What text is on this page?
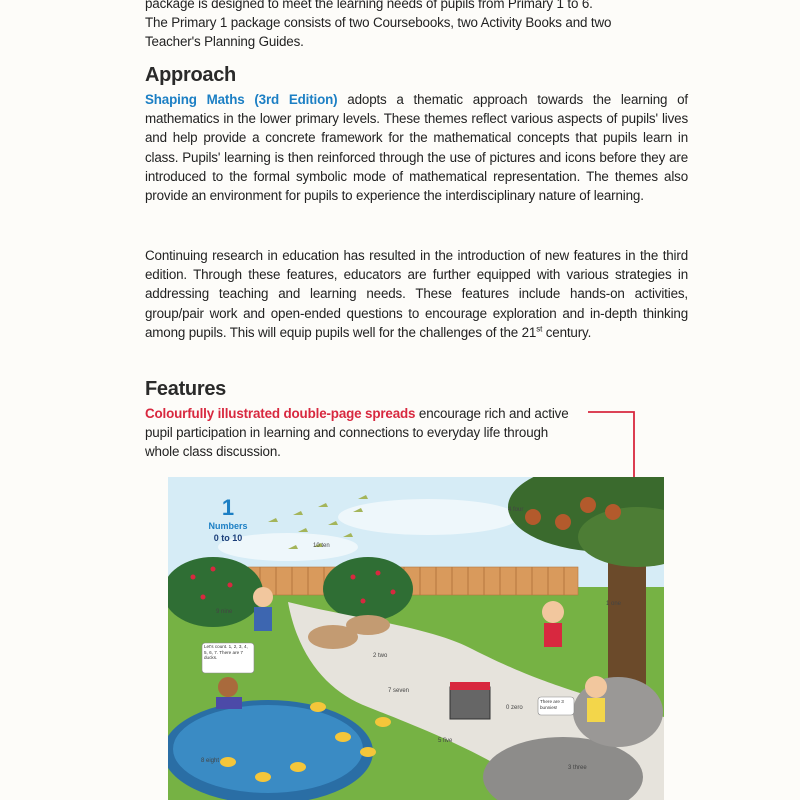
package is designed to meet the learning needs of pupils from Primary 1 to 6.
The Primary 1 package consists of two Coursebooks, two Activity Books and two
Teacher's Planning Guides.

Approach

Shaping Maths (3rd Edition) adopts a thematic approach towards the learning of mathematics in the lower primary levels. These themes reflect various aspects of pupils' lives and help provide a concrete framework for the mathematical concepts that pupils learn in class. Pupils' learning is then reinforced through the use of pictures and icons before they are introduced to the formal symbolic mode of mathematical representation. The themes also provide an environment for pupils to experience the interdisciplinary nature of learning.

Continuing research in education has resulted in the introduction of new features in the third edition. Through these features, educators are further equipped with various strategies in addressing teaching and learning needs. These features include hands-on activities, group/pair work and open-ended questions to encourage exploration and in-depth thinking among pupils. This will equip pupils well for the challenges of the 21st century.

Features

Colourfully illustrated double-page spreads encourage rich and active pupil participation in learning and connections to everyday life through whole class discussion.

1
Numbers
0 to 10
10 ten
4 four
1 one
2 two
9 nine
7 seven
0 zero
5 five
8 eight
3 three
Let's count. 1, 2, 3, 4, 5, 6, 7. There are 7 ducks.
There are 3 bunnies!
